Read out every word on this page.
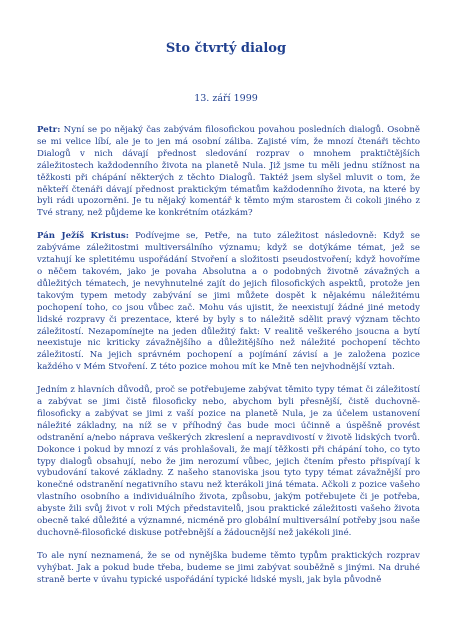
Sto čtvrtý dialog
13. září 1999

Petr: Nyní se po nějaký čas zabývám filosofickou povahou posledních dialogů. Osobně se mi velice líbí, ale je to jen má osobní záliba. Zajisté vím, že mnozí čtenáři těchto Dialogů v nich dávají přednost sledování rozprav o mnohem praktičtějších záležitostech každodenního života na planetě Nula. Již jsme tu měli jednu stížnost na těžkosti při chápání některých z těchto Dialogů. Taktéž jsem slyšel mluvit o tom, že někteří čtenáři dávají přednost praktickým tématům každodenního života, na které by byli rádi upozorněni. Je tu nějaký komentář k těmto mým starostem či cokoli jiného z Tvé strany, než půjdeme ke konkrétním otázkám?

Pán Ježíš Kristus: Podívejme se, Petře, na tuto záležitost následovně: Když se zabýváme záležitostmi multiversálního významu; když se dotýkáme témat, jež se vztahují ke spletitému uspořádání Stvoření a složitosti pseudostvoření; když hovoříme o něčem takovém, jako je povaha Absolutna a o podobných životně závažných a důležitých tématech, je nevyhnutelné zajít do jejich filosofických aspektů, protože jen takovým typem metody zabývání se jimi můžete dospět k nějakému náležitému pochopení toho, co jsou vůbec zač. Mohu vás ujistit, že neexistují žádné jiné metody lidské rozpravy či prezentace, které by byly s to náležitě sdělit pravý význam těchto záležitostí. Nezapomínejte na jeden důležitý fakt: V realitě veškerého jsoucna a bytí neexistuje nic kriticky závažnějšího a důležitějšího než náležité pochopení těchto záležitostí. Na jejich správném pochopení a pojímání závisí a je založena pozice každého v Mém Stvoření. Z této pozice mohou mít ke Mně ten nejvhodnější vztah.

Jedním z hlavních důvodů, proč se potřebujeme zabývat těmito typy témat či záležitostí a zabývat se jimi čistě filosoficky nebo, abychom byli přesnější, čistě duchovně-filosoficky a zabývat se jimi z vaší pozice na planetě Nula, je za účelem ustanovení náležité základny, na níž se v příhodný čas bude moci účinně a úspěšně provést odstranění a/nebo náprava veškerých zkreslení a nepravdivostí v životě lidských tvorů. Dokonce i pokud by mnozí z vás prohlašovali, že mají těžkosti při chápání toho, co tyto typy dialogů obsahují, nebo že jim nerozumí vůbec, jejich čtením přesto přispívají k vybudování takové základny. Z našeho stanoviska jsou tyto typy témat závažnější pro konečné odstranění negativního stavu než kterákoli jiná témata. Ačkoli z pozice vašeho vlastního osobního a individuálního života, způsobu, jakým potřebujete či je potřeba, abyste žili svůj život v roli Mých představitelů, jsou praktické záležitosti vašeho života obecně také důležité a významné, nicméně pro globální multiversální potřeby jsou naše duchovně-filosofické diskuse potřebnější a žádoucnější než jakékoli jiné.

To ale nyní neznamená, že se od nynějška budeme těmto typům praktických rozprav vyhýbat. Jak a pokud bude třeba, budeme se jimi zabývat souběžně s jinými. Na druhé straně berte v úvahu typické uspořádání typické lidské mysli, jak byla původně
